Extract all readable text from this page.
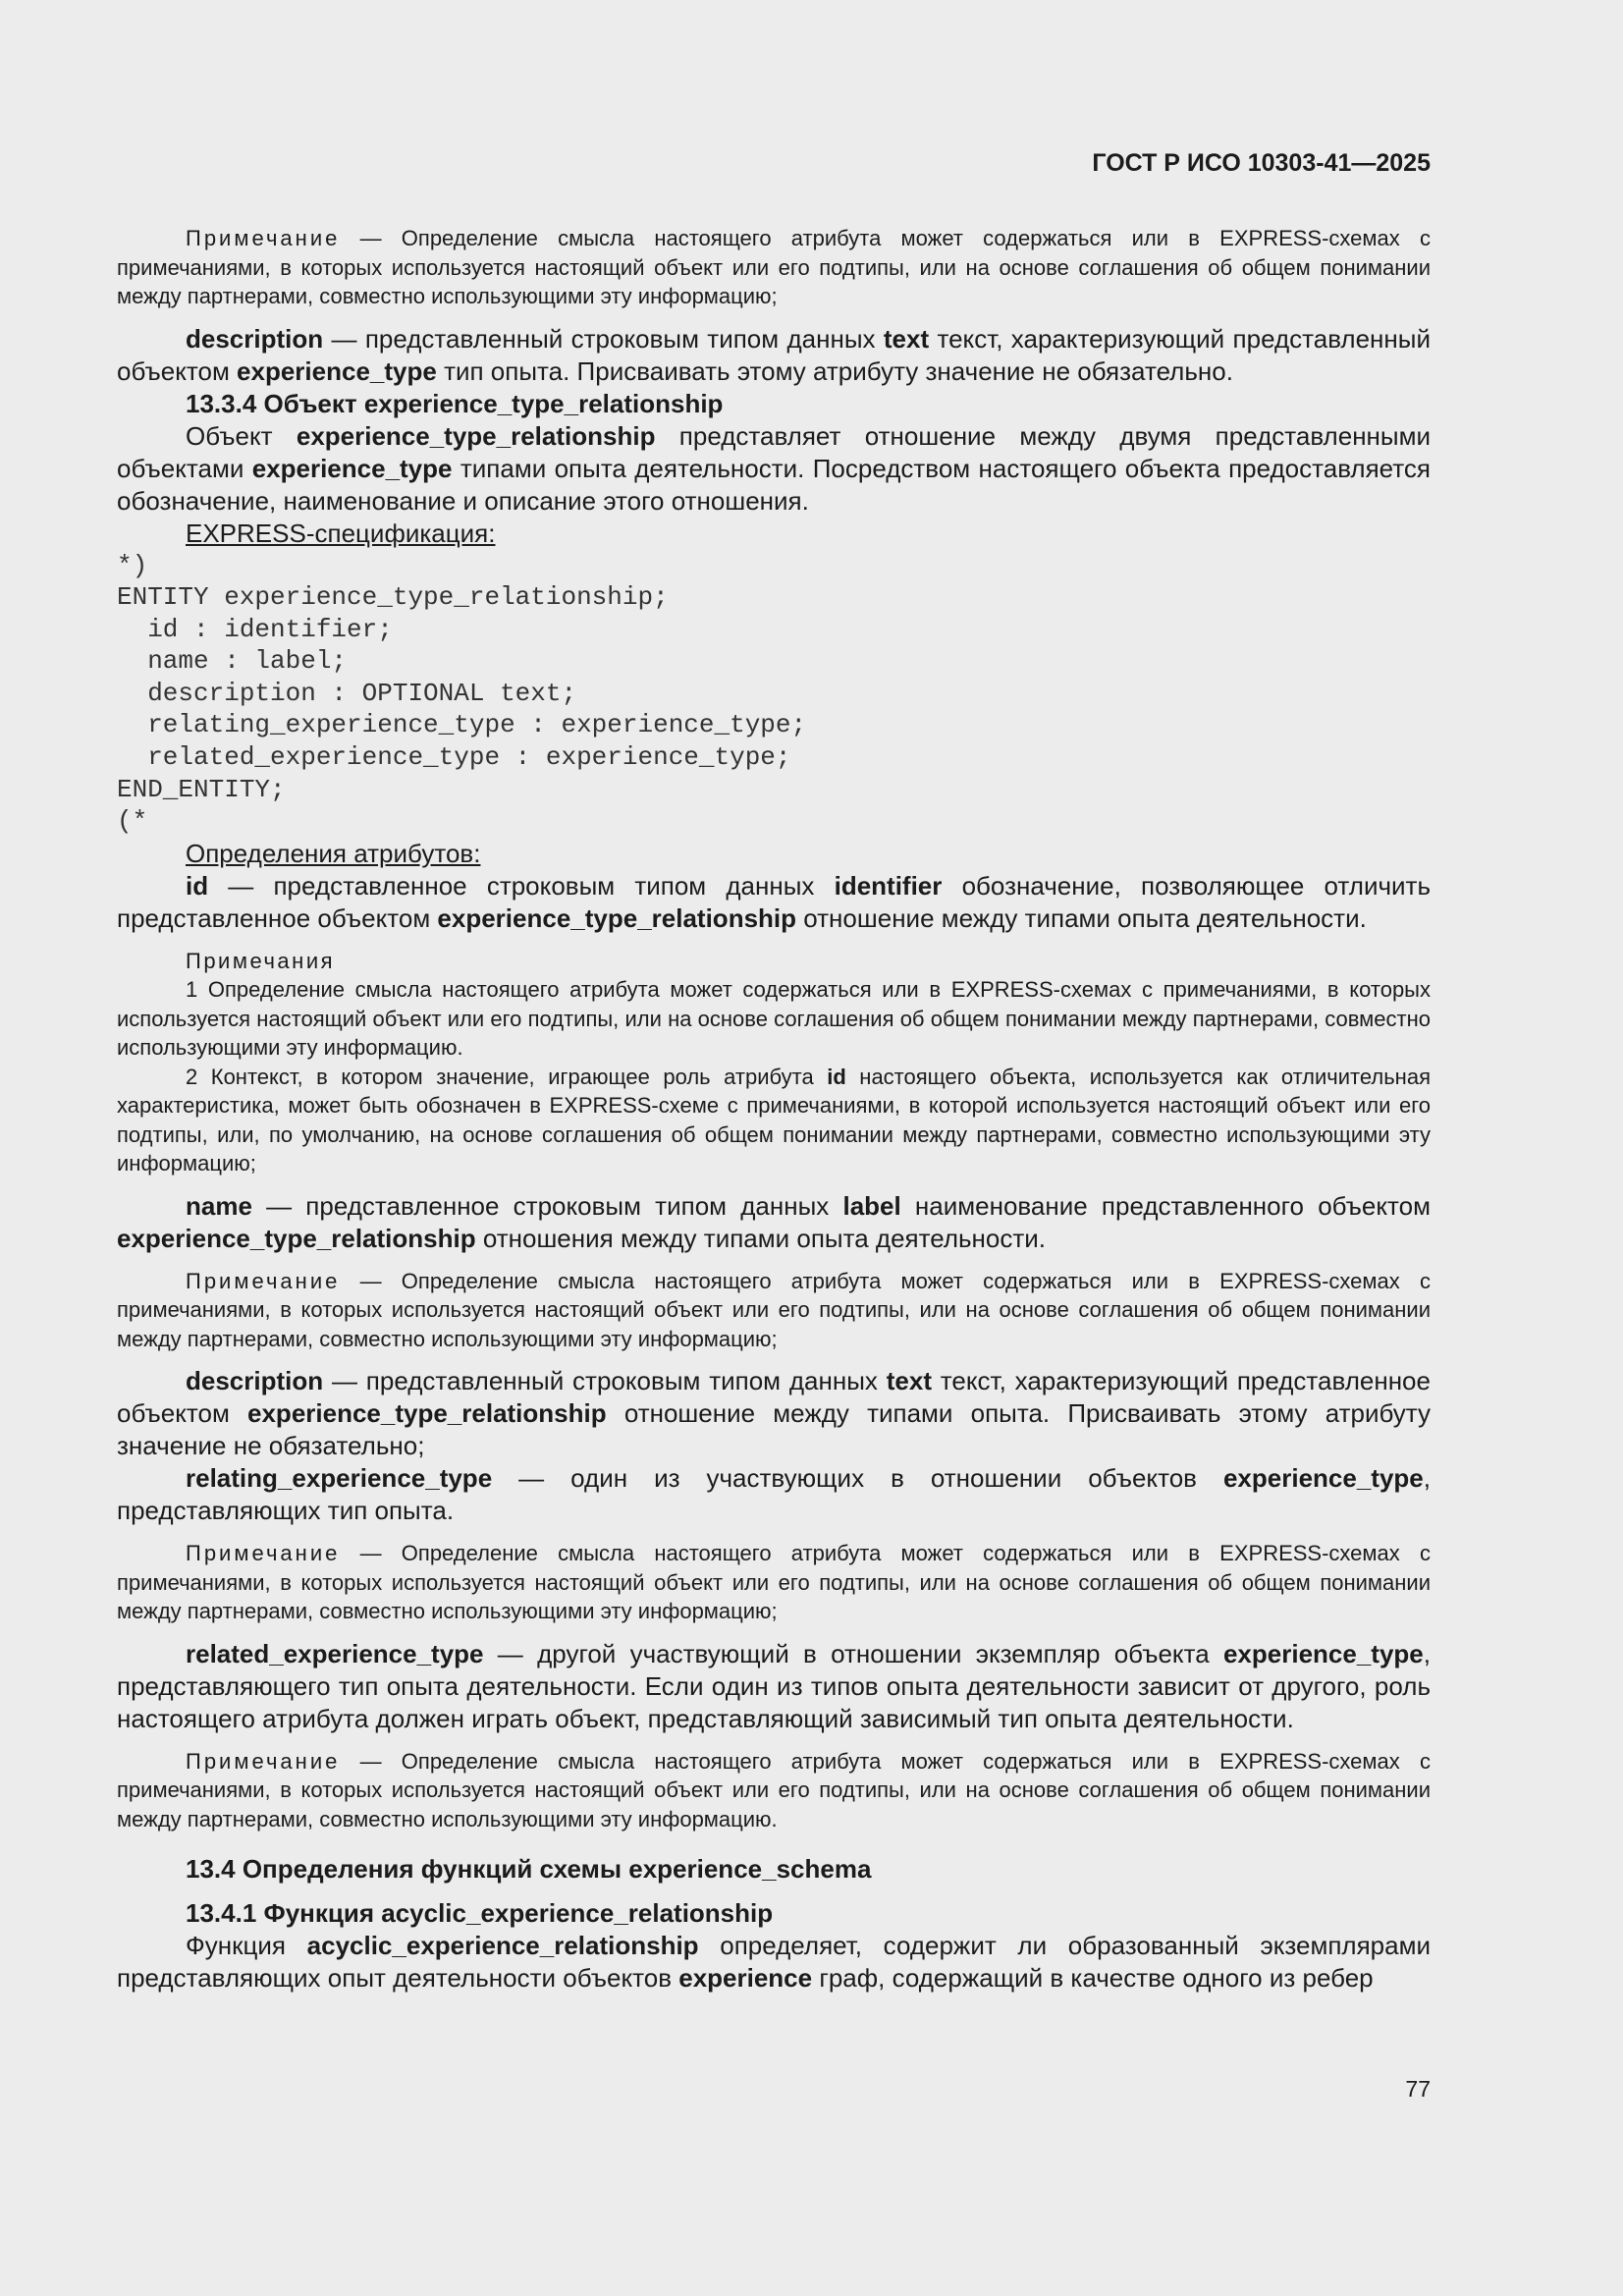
ГОСТ Р ИСО 10303-41—2025

Примечание — Определение смысла настоящего атрибута может содержаться или в EXPRESS-схемах с примечаниями, в которых используется настоящий объект или его подтипы, или на основе соглашения об общем понимании между партнерами, совместно использующими эту информацию;

description — представленный строковым типом данных text текст, характеризующий представленный объектом experience_type тип опыта. Присваивать этому атрибуту значение не обязательно.

13.3.4 Объект experience_type_relationship

Объект experience_type_relationship представляет отношение между двумя представленными объектами experience_type типами опыта деятельности. Посредством настоящего объекта предоставляется обозначение, наименование и описание этого отношения.

EXPRESS-спецификация:

*)
ENTITY experience_type_relationship;
id : identifier;
name : label;
description : OPTIONAL text;
relating_experience_type : experience_type;
related_experience_type : experience_type;
END_ENTITY;
(*

Определения атрибутов:

id — представленное строковым типом данных identifier обозначение, позволяющее отличить представленное объектом experience_type_relationship отношение между типами опыта деятельности.

Примечания

1 Определение смысла настоящего атрибута может содержаться или в EXPRESS-схемах с примечаниями, в которых используется настоящий объект или его подтипы, или на основе соглашения об общем понимании между партнерами, совместно использующими эту информацию.

2 Контекст, в котором значение, играющее роль атрибута id настоящего объекта, используется как отличительная характеристика, может быть обозначен в EXPRESS-схеме с примечаниями, в которой используется настоящий объект или его подтипы, или, по умолчанию, на основе соглашения об общем понимании между партнерами, совместно использующими эту информацию;

name — представленное строковым типом данных label наименование представленного объектом experience_type_relationship отношения между типами опыта деятельности.

Примечание — Определение смысла настоящего атрибута может содержаться или в EXPRESS-схемах с примечаниями, в которых используется настоящий объект или его подтипы, или на основе соглашения об общем понимании между партнерами, совместно использующими эту информацию;

description — представленный строковым типом данных text текст, характеризующий представленное объектом experience_type_relationship отношение между типами опыта. Присваивать этому атрибуту значение не обязательно;

relating_experience_type — один из участвующих в отношении объектов experience_type, представляющих тип опыта.

Примечание — Определение смысла настоящего атрибута может содержаться или в EXPRESS-схемах с примечаниями, в которых используется настоящий объект или его подтипы, или на основе соглашения об общем понимании между партнерами, совместно использующими эту информацию;

related_experience_type — другой участвующий в отношении экземпляр объекта experience_type, представляющего тип опыта деятельности. Если один из типов опыта деятельности зависит от другого, роль настоящего атрибута должен играть объект, представляющий зависимый тип опыта деятельности.

Примечание — Определение смысла настоящего атрибута может содержаться или в EXPRESS-схемах с примечаниями, в которых используется настоящий объект или его подтипы, или на основе соглашения об общем понимании между партнерами, совместно использующими эту информацию.

13.4 Определения функций схемы experience_schema

13.4.1 Функция acyclic_experience_relationship

Функция acyclic_experience_relationship определяет, содержит ли образованный экземплярами представляющих опыт деятельности объектов experience граф, содержащий в качестве одного из ребер

77
